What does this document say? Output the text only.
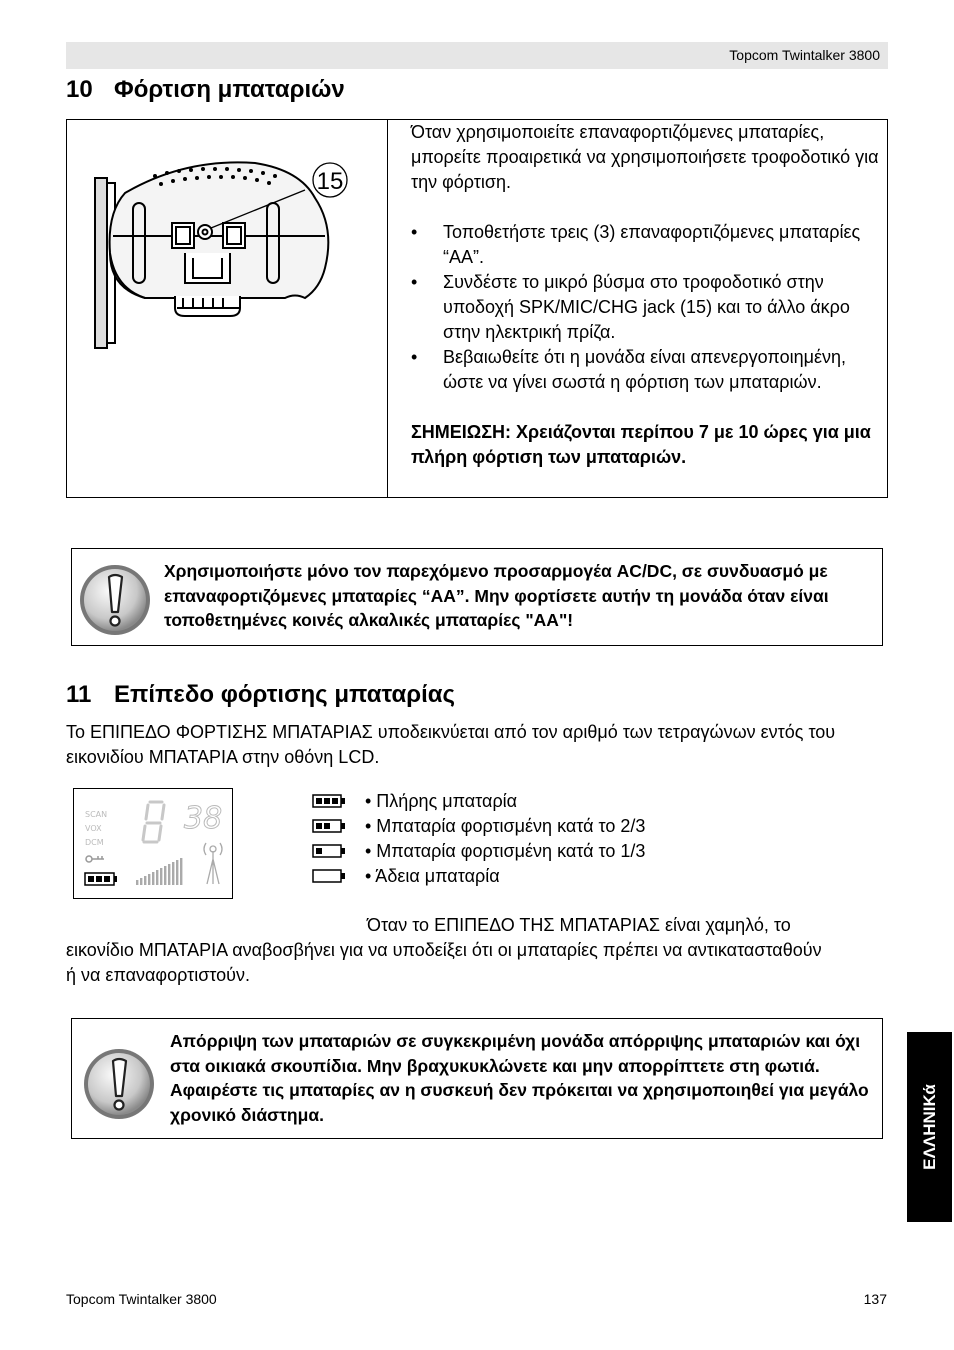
Topcom Twintalker 3800
10 Φόρτιση μπαταριών
15

Όταν χρησιμοποιείτε επαναφορτιζόμενες μπαταρίες, μπορείτε προαιρετικά να χρησιμοποιήσετε τροφοδοτικό για την φόρτιση.

• Τοποθετήστε τρεις (3) επαναφορτιζόμενες μπαταρίες “AA”.
• Συνδέστε το μικρό βύσμα στο τροφοδοτικό στην υποδοχή SPK/MIC/CHG jack (15) και το άλλο άκρο στην ηλεκτρική πρίζα.
• Βεβαιωθείτε ότι η μονάδα είναι απενεργοποιημένη, ώστε να γίνει σωστά η φόρτιση των μπαταριών.

ΣΗΜΕΙΩΣΗ: Χρειάζονται περίπου 7 με 10 ώρες για μια πλήρη φόρτιση των μπαταριών.

Χρησιμοποιήστε μόνο τον παρεχόμενο προσαρμογέα AC/DC, σε συνδυασμό με επαναφορτιζόμενες μπαταρίες “AA”. Μην φορτίσετε αυτήν τη μονάδα όταν είναι τοποθετημένες κοινές αλκαλικές μπαταρίες "AA"!
11 Επίπεδο φόρτισης μπαταρίας

Το ΕΠΙΠΕΔΟ ΦΟΡΤΙΣΗΣ ΜΠΑΤΑΡΙΑΣ υποδεικνύεται από τον αριθμό των τετραγώνων εντός του εικονιδίου ΜΠΑΤΑΡΙΑ στην οθόνη LCD.

SCAN
VOX
DCM
38	• Πλήρης μπαταρία
• Μπαταρία φορτισμένη κατά το 2/3
• Μπαταρία φορτισμένη κατά το 1/3
• Άδεια μπαταρία

Όταν το ΕΠΙΠΕΔΟ ΤΗΣ ΜΠΑΤΑΡΙΑΣ είναι χαμηλό, το

εικονίδιο ΜΠΑΤΑΡΙΑ αναβοσβήνει για να υποδείξει ότι οι μπαταρίες πρέπει να αντικατασταθούν ή να επαναφορτιστούν.

Απόρριψη των μπαταριών σε συγκεκριμένη μονάδα απόρριψης μπαταριών και όχι στα οικιακά σκουπίδια. Μην βραχυκυκλώνετε και μην απορρίπτετε στη φωτιά. Αφαιρέστε τις μπαταρίες αν η συσκευή δεν πρόκειται να χρησιμοποιηθεί για μεγάλο χρονικό διάστημα.	ΕΛΛΗΝΙΚά
Topcom Twintalker 3800	137
